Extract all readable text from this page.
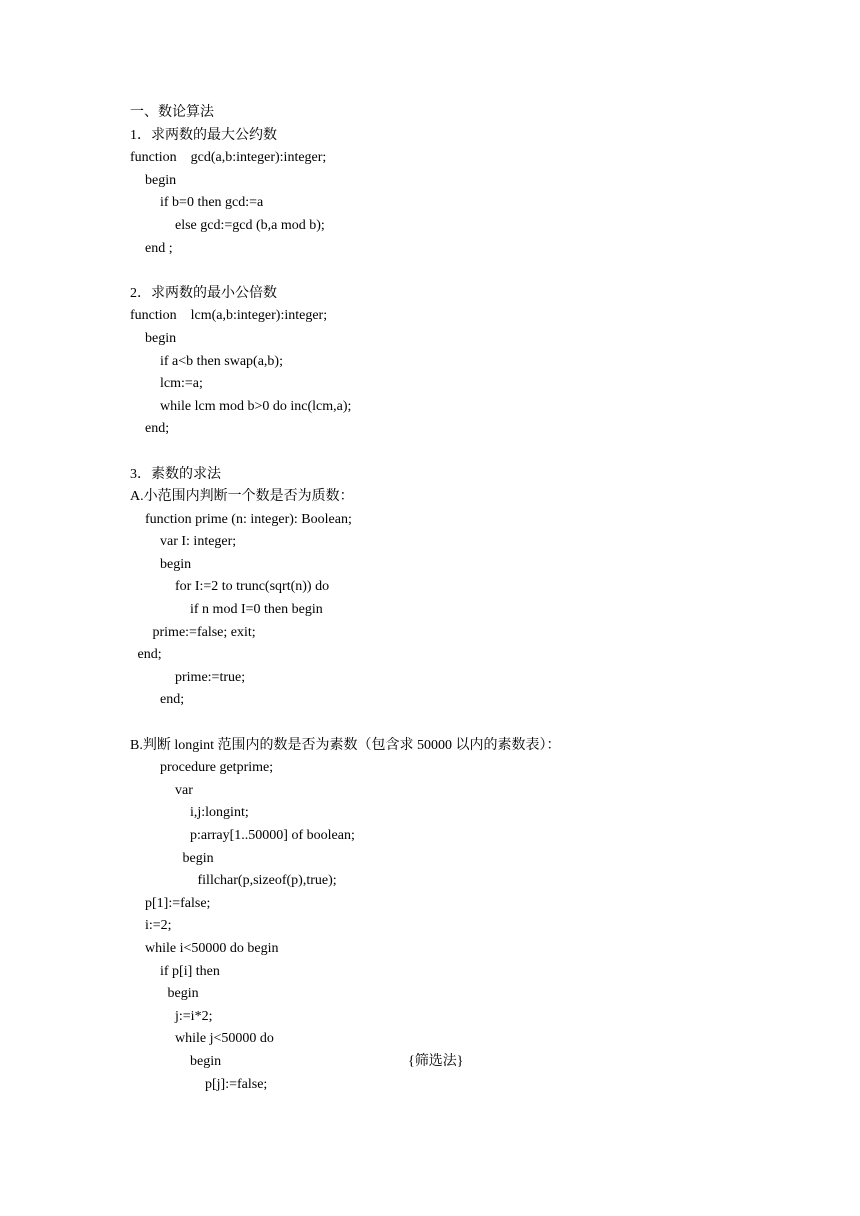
一、数论算法
1．求两数的最大公约数
function    gcd(a,b:integer):integer;
begin
if b=0 then gcd:=a
else gcd:=gcd (b,a mod b);
end ;
2．求两数的最小公倍数
function    lcm(a,b:integer):integer;
begin
if a<b then swap(a,b);
lcm:=a;
while lcm mod b>0 do inc(lcm,a);
end;
3．素数的求法
A.小范围内判断一个数是否为质数：
function prime (n: integer): Boolean;
var I: integer;
begin
for I:=2 to trunc(sqrt(n)) do
if n mod I=0 then begin
prime:=false; exit;
end;
prime:=true;
end;
B.判断 longint 范围内的数是否为素数（包含求 50000 以内的素数表）：
procedure getprime;
var
i,j:longint;
p:array[1..50000] of boolean;
begin
fillchar(p,sizeof(p),true);
p[1]:=false;
i:=2;
while i<50000 do begin
if p[i] then
begin
j:=i*2;
while j<50000 do
begin	{筛选法}
p[j]:=false;
